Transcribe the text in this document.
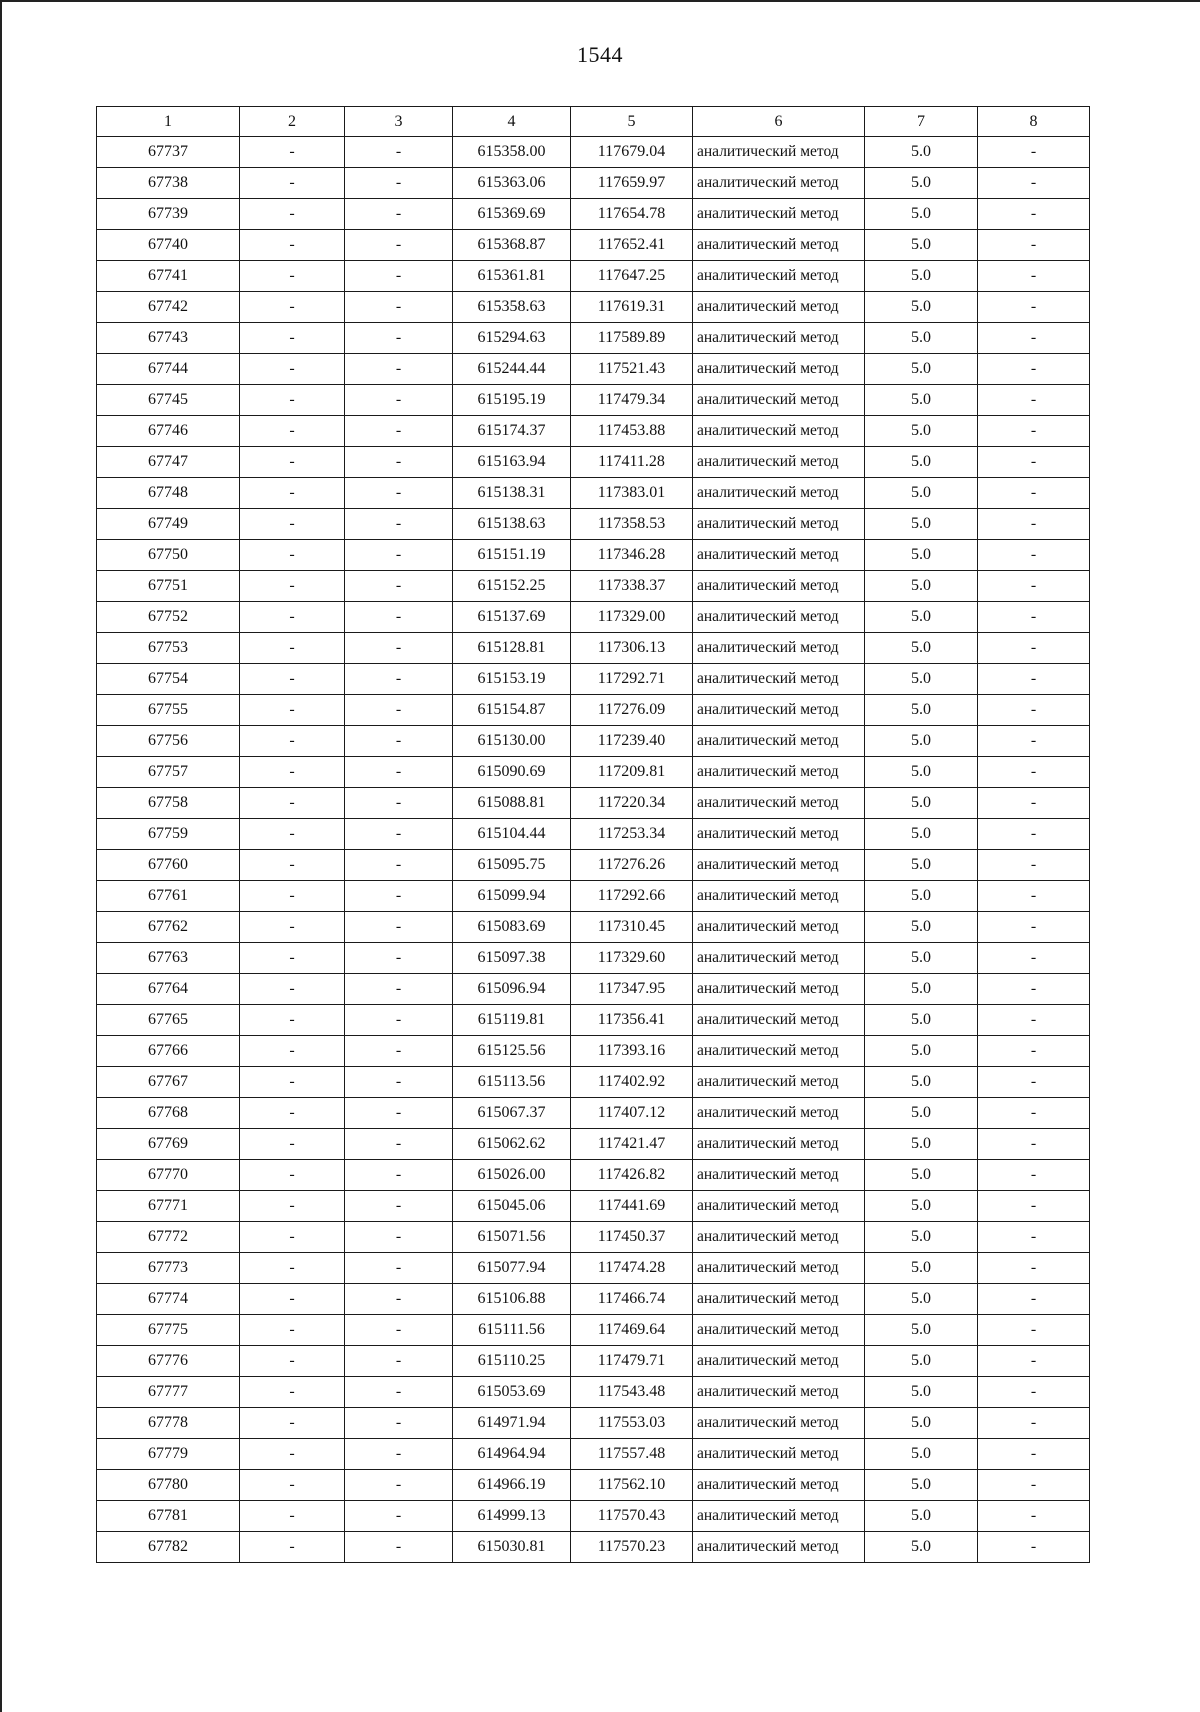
1544
1	2	3	4	5	6	7	8
67737	-	-	615358.00	117679.04	аналитический метод	5.0	-
67738	-	-	615363.06	117659.97	аналитический метод	5.0	-
67739	-	-	615369.69	117654.78	аналитический метод	5.0	-
67740	-	-	615368.87	117652.41	аналитический метод	5.0	-
67741	-	-	615361.81	117647.25	аналитический метод	5.0	-
67742	-	-	615358.63	117619.31	аналитический метод	5.0	-
67743	-	-	615294.63	117589.89	аналитический метод	5.0	-
67744	-	-	615244.44	117521.43	аналитический метод	5.0	-
67745	-	-	615195.19	117479.34	аналитический метод	5.0	-
67746	-	-	615174.37	117453.88	аналитический метод	5.0	-
67747	-	-	615163.94	117411.28	аналитический метод	5.0	-
67748	-	-	615138.31	117383.01	аналитический метод	5.0	-
67749	-	-	615138.63	117358.53	аналитический метод	5.0	-
67750	-	-	615151.19	117346.28	аналитический метод	5.0	-
67751	-	-	615152.25	117338.37	аналитический метод	5.0	-
67752	-	-	615137.69	117329.00	аналитический метод	5.0	-
67753	-	-	615128.81	117306.13	аналитический метод	5.0	-
67754	-	-	615153.19	117292.71	аналитический метод	5.0	-
67755	-	-	615154.87	117276.09	аналитический метод	5.0	-
67756	-	-	615130.00	117239.40	аналитический метод	5.0	-
67757	-	-	615090.69	117209.81	аналитический метод	5.0	-
67758	-	-	615088.81	117220.34	аналитический метод	5.0	-
67759	-	-	615104.44	117253.34	аналитический метод	5.0	-
67760	-	-	615095.75	117276.26	аналитический метод	5.0	-
67761	-	-	615099.94	117292.66	аналитический метод	5.0	-
67762	-	-	615083.69	117310.45	аналитический метод	5.0	-
67763	-	-	615097.38	117329.60	аналитический метод	5.0	-
67764	-	-	615096.94	117347.95	аналитический метод	5.0	-
67765	-	-	615119.81	117356.41	аналитический метод	5.0	-
67766	-	-	615125.56	117393.16	аналитический метод	5.0	-
67767	-	-	615113.56	117402.92	аналитический метод	5.0	-
67768	-	-	615067.37	117407.12	аналитический метод	5.0	-
67769	-	-	615062.62	117421.47	аналитический метод	5.0	-
67770	-	-	615026.00	117426.82	аналитический метод	5.0	-
67771	-	-	615045.06	117441.69	аналитический метод	5.0	-
67772	-	-	615071.56	117450.37	аналитический метод	5.0	-
67773	-	-	615077.94	117474.28	аналитический метод	5.0	-
67774	-	-	615106.88	117466.74	аналитический метод	5.0	-
67775	-	-	615111.56	117469.64	аналитический метод	5.0	-
67776	-	-	615110.25	117479.71	аналитический метод	5.0	-
67777	-	-	615053.69	117543.48	аналитический метод	5.0	-
67778	-	-	614971.94	117553.03	аналитический метод	5.0	-
67779	-	-	614964.94	117557.48	аналитический метод	5.0	-
67780	-	-	614966.19	117562.10	аналитический метод	5.0	-
67781	-	-	614999.13	117570.43	аналитический метод	5.0	-
67782	-	-	615030.81	117570.23	аналитический метод	5.0	-
